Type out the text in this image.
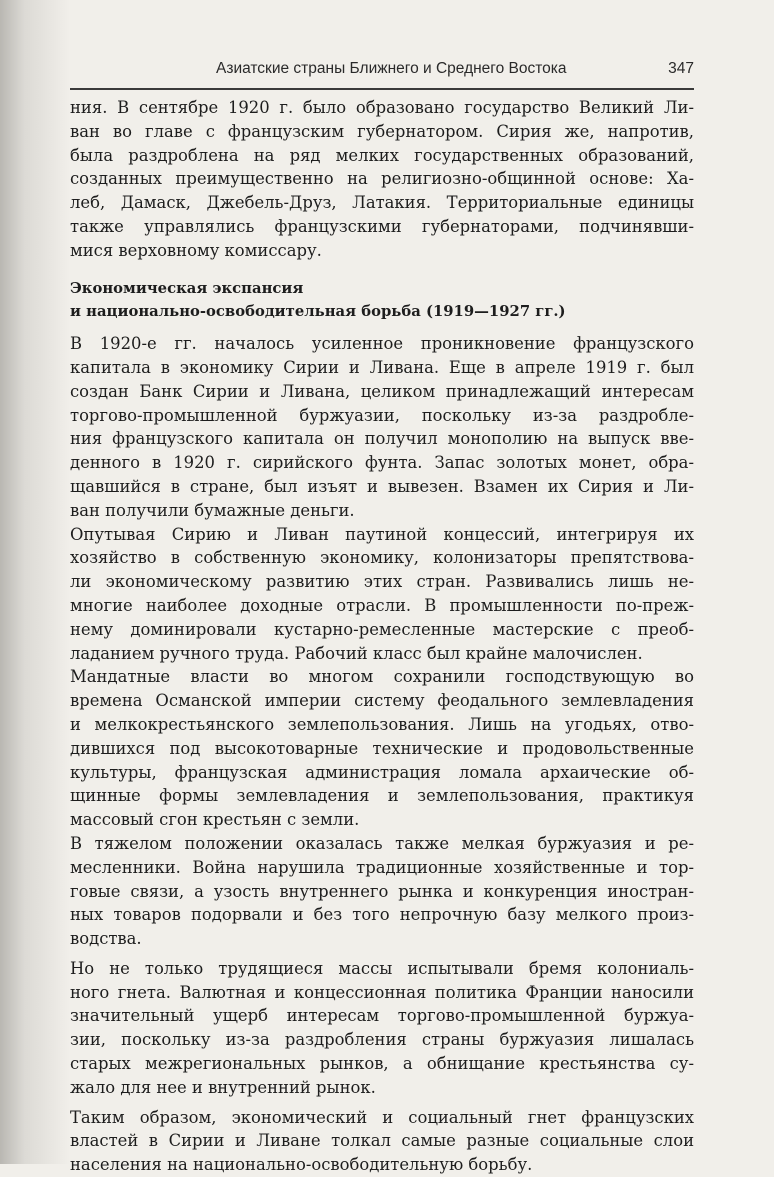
Азиатские страны Ближнего и Среднего Востока	347

ния. В сентябре 1920 г. было образовано государство Великий Ли-
ван во главе с французским губернатором. Сирия же, напротив,
была раздроблена на ряд мелких государственных образований,
созданных преимущественно на религиозно-общинной основе: Ха-
леб, Дамаск, Джебель-Друз, Латакия. Территориальные единицы
также управлялись французскими губернаторами, подчинявши-
мися верховному комиссару.

Экономическая экспансия
и национально-освободительная борьба (1919—1927 гг.)

В 1920-е гг. началось усиленное проникновение французского
капитала в экономику Сирии и Ливана. Еще в апреле 1919 г. был
создан Банк Сирии и Ливана, целиком принадлежащий интересам
торгово-промышленной буржуазии, поскольку из-за раздробле-
ния французского капитала он получил монополию на выпуск вве-
денного в 1920 г. сирийского фунта. Запас золотых монет, обра-
щавшийся в стране, был изъят и вывезен. Взамен их Сирия и Ли-
ван получили бумажные деньги.

Опутывая Сирию и Ливан паутиной концессий, интегрируя их
хозяйство в собственную экономику, колонизаторы препятствова-
ли экономическому развитию этих стран. Развивались лишь не-
многие наиболее доходные отрасли. В промышленности по-преж-
нему доминировали кустарно-ремесленные мастерские с преоб-
ладанием ручного труда. Рабочий класс был крайне малочислен.

Мандатные власти во многом сохранили господствующую во
времена Османской империи систему феодального землевладения
и мелкокрестьянского землепользования. Лишь на угодьях, отво-
дившихся под высокотоварные технические и продовольственные
культуры, французская администрация ломала архаические об-
щинные формы землевладения и землепользования, практикуя
массовый сгон крестьян с земли.

В тяжелом положении оказалась также мелкая буржуазия и ре-
месленники. Война нарушила традиционные хозяйственные и тор-
говые связи, а узость внутреннего рынка и конкуренция иностран-
ных товаров подорвали и без того непрочную базу мелкого произ-
водства.

Но не только трудящиеся массы испытывали бремя колониаль-
ного гнета. Валютная и концессионная политика Франции наносили
значительный ущерб интересам торгово-промышленной буржуа-
зии, поскольку из-за раздробления страны буржуазия лишалась
старых межрегиональных рынков, а обнищание крестьянства су-
жало для нее и внутренний рынок.

Таким образом, экономический и социальный гнет французских
властей в Сирии и Ливане толкал самые разные социальные слои
населения на национально-освободительную борьбу.
